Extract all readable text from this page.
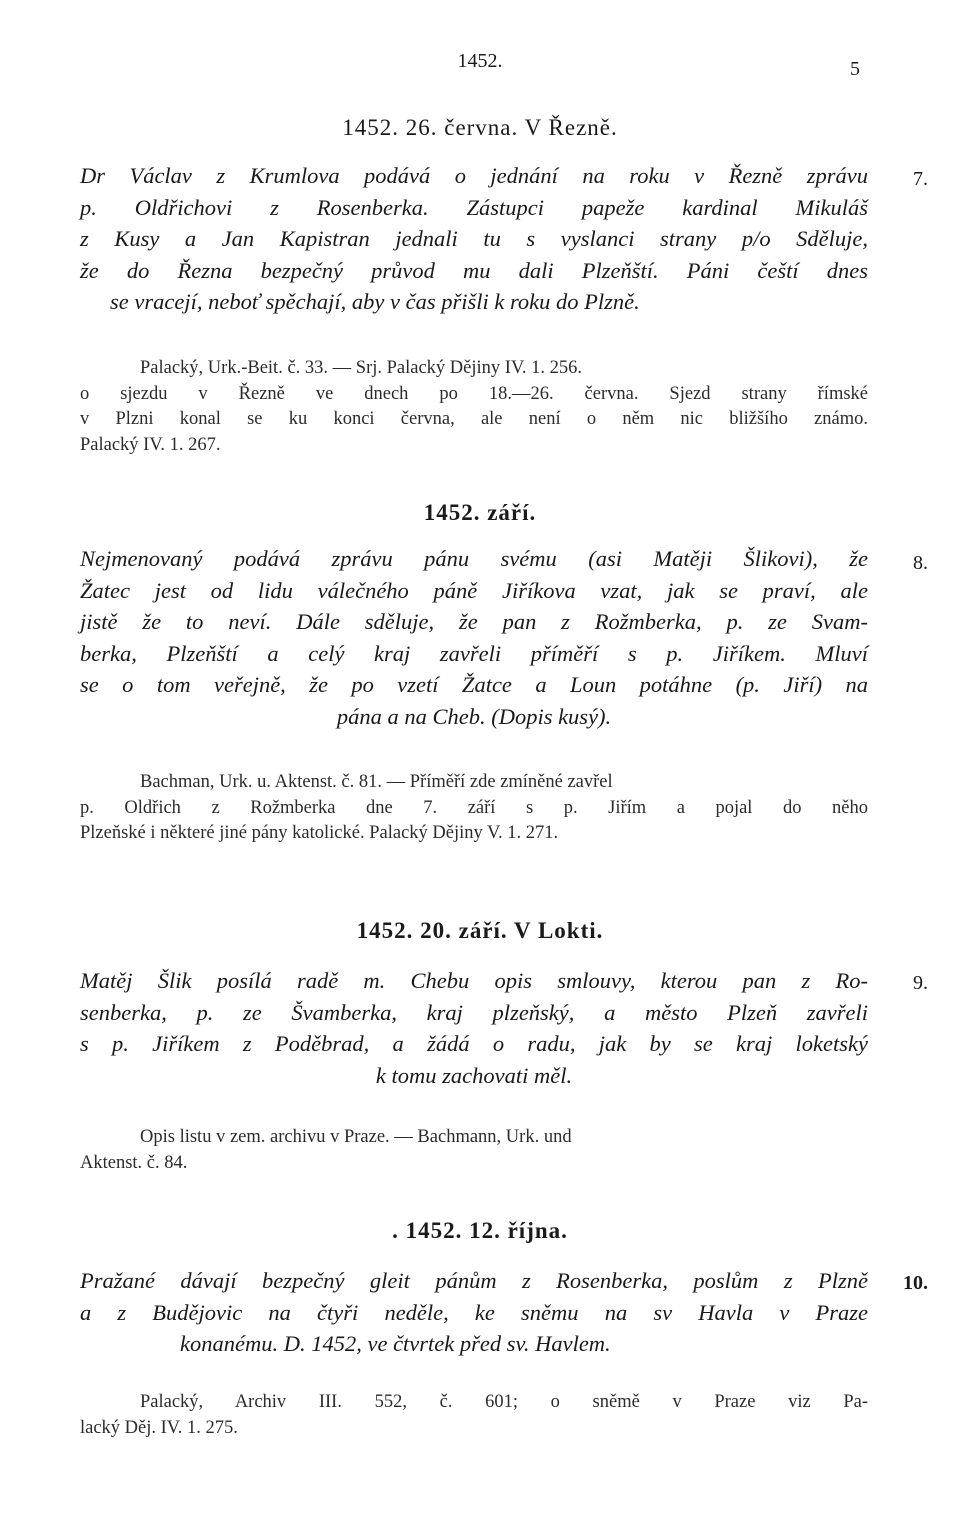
1452.	5
1452. 26. června. V Řezně.
7.
Dr Václav z Krumlova podává o jednání na roku v Řezně zprávu
p. Oldřichovi z Rosenberka. Zástupci papeže kardinal Mikuláš
z Kusy a Jan Kapistran jednali tu s vyslanci strany p/o Sděluje,
že do Řezna bezpečný průvod mu dali Plzeňští. Páni čeští dnes
se vracejí, neboť spěchají, aby v čas přišli k roku do Plzně.
Palacký, Urk.-Beit. č. 33. — Srj. Palacký Dějiny IV. 1. 256.
o sjezdu v Řezně ve dnech po 18.—26. června. Sjezd strany římské
v Plzni konal se ku konci června, ale není o něm nic bližšího známo.
Palacký IV. 1. 267.
1452. září.
8.
Nejmenovaný podává zprávu pánu svému (asi Matěji Šlikovi), že
Žatec jest od lidu válečného páně Jiříkova vzat, jak se praví, ale
jistě že to neví. Dále sděluje, že pan z Rožmberka, p. ze Svam-
berka, Plzeňští a celý kraj zavřeli příměří s p. Jiříkem. Mluví
se o tom veřejně, že po vzetí Žatce a Loun potáhne (p. Jiří) na
pána a na Cheb. (Dopis kusý).
Bachman, Urk. u. Aktenst. č. 81. — Příměří zde zmíněné zavřel
p. Oldřich z Rožmberka dne 7. září s p. Jiřím a pojal do něho
Plzeňské i některé jiné pány katolické. Palacký Dějiny V. 1. 271.
1452. 20. září. V Lokti.
9.
Matěj Šlik posílá radě m. Chebu opis smlouvy, kterou pan z Ro-
senberka, p. ze Švamberka, kraj plzeňský, a město Plzeň zavřeli
s p. Jiříkem z Poděbrad, a žádá o radu, jak by se kraj loketský
k tomu zachovati měl.
Opis listu v zem. archivu v Praze. — Bachmann, Urk. und
Aktenst. č. 84.
. 1452. 12. října.
10.
Pražané dávají bezpečný gleit pánům z Rosenberka, poslům z Plzně
a z Budějovic na čtyři neděle, ke sněmu na sv Havla v Praze
konanému. D. 1452, ve čtvrtek před sv. Havlem.
Palacký, Archiv III. 552, č. 601; o sněmě v Praze viz Pa-
lacký Děj. IV. 1. 275.
